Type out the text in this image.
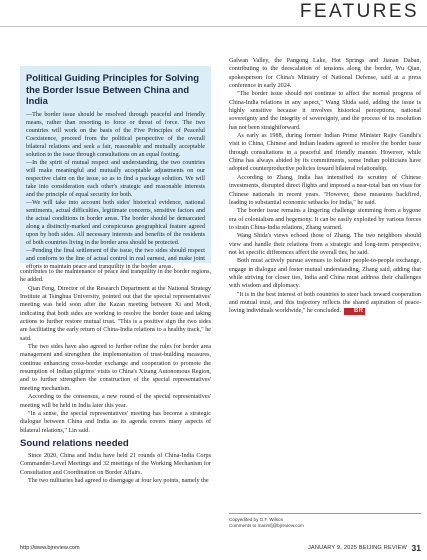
FEATURES
Political Guiding Principles for Solving the Border Issue Between China and India

—The border issue should be resolved through peaceful and friendly means, rather than resorting to force or threat of force. The two countries will work on the basis of the Five Principles of Peaceful Coexistence, proceed from the political perspective of the overall bilateral relations and seek a fair, reasonable and mutually acceptable solution to the issue through consultations on an equal footing.

—In the spirit of mutual respect and understanding, the two countries will make meaningful and mutually acceptable adjustments on our respective claim on the issue, so as to find a package solution. We will take into consideration each other's strategic and reasonable interests and the principle of equal security for both.

—We will take into account both sides' historical evidence, national sentiments, actual difficulties, legitimate concerns, sensitive factors and the actual conditions in border areas. The border should be demarcated along a distinctly-marked and conspicuous geographical feature agreed upon by both sides. All necessary interests and benefits of the residents of both countries living in the border area should be protected.

—Pending the final settlement of the issue, the two sides should respect and conform to the line of actual control in real earnest, and make joint efforts to maintain peace and tranquility in the border areas.

contributes to the maintenance of peace and tranquility in the border regions, he added.

Qian Feng, Director of the Research Department at the National Strategy Institute at Tsinghua University, pointed out that the special representatives' meeting was held soon after the Kazan meeting between Xi and Modi, indicating that both sides are working to resolve the border issue and taking actions to further restore mutual trust. "This is a positive sign the two sides are facilitating the early return of China-India relations to a healthy track," he said.

The two sides have also agreed to further refine the rules for border area management and strengthen the implementation of trust-building measures, continue enhancing cross-border exchange and cooperation to promote the resumption of Indian pilgrims' visits to China's Xizang Autonomous Region, and to further strengthen the construction of the special representatives' meeting mechanism.

According to the consensus, a new round of the special representatives' meeting will be held in India later this year.

"In a sense, the special representatives' meeting has become a strategic dialogue between China and India as its agenda covers many aspects of bilateral relations," Lin said.

Sound relations needed

Since 2020, China and India have held 21 rounds of China-India Corps Commander-Level Meetings and 32 meetings of the Working Mechanism for Consultation and Coordination on Border Affairs.

The two militaries had agreed to disengage at four key points, namely the

Galwan Valley, the Pangong Lake, Hot Springs and Jianan Daban, contributing to the deescalation of tensions along the border, Wu Qian, spokesperson for China's Ministry of National Defense, said at a press conference in early 2024.

"The border issue should not continue to affect the normal progress of China-India relations in any aspect," Wang Shida said, adding the issue is highly sensitive because it involves historical perceptions, national sovereignty and the integrity of sovereignty, and the process of its resolution has not been straightforward.

As early as 1988, during former Indian Prime Minister Rajiv Gandhi's visit to China, Chinese and Indian leaders agreed to resolve the border issue through consultations in a peaceful and friendly manner. However, while China has always abided by its commitments, some Indian politicians have adopted counterproductive policies toward bilateral relationship.

According to Zhang, India has intensified its scrutiny of Chinese investments, disrupted direct flights and imposed a near-total ban on visas for Chinese nationals in recent years. "However, these measures backfired, leading to substantial economic setbacks for India," he said.

The border issue remains a lingering challenge stemming from a bygone era of colonialism and hegemony. It can be easily exploited by various forces to strain China-India relations, Zhang warned.

Wang Shida's views echoed those of Zhang. The two neighbors should view and handle their relations from a strategic and long-term perspective, not let specific differences affect the overall ties, he said.

Both must actively pursue avenues to bolster people-to-people exchange, engage in dialogue and foster mutual understanding, Zhang said, adding that while striving for closer ties, India and China must address their challenges with wisdom and diplomacy.

"It is in the best interest of both countries to steer back toward cooperation and mutual trust, and this trajectory reflects the shared aspiration of peace-loving individuals worldwide," he concluded. BR

Copyedited by G.F. Wilson
Comments to marimfj@bjreview.com
http://www.bjreview.com	JANUARY 9, 2025 BEIJING REVIEW 31
